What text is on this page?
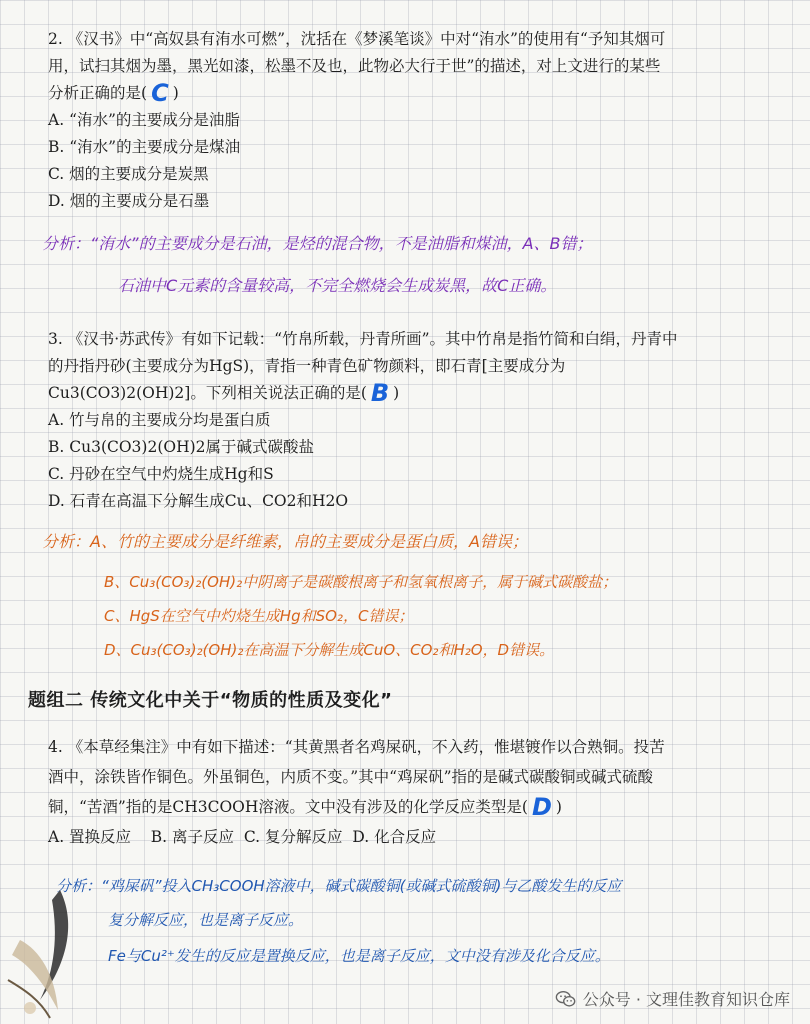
2. 《汉书》中“高奴县有洧水可燃”，沈括在《梦溪笔谈》中对“洧水”的使用有“予知其烟可
用，试扫其烟为墨，黑光如漆，松墨不及也，此物必大行于世”的描述，对上文进行的某些
分析正确的是( C )
A. “洧水”的主要成分是油脂
B. “洧水”的主要成分是煤油
C. 烟的主要成分是炭黑
D. 烟的主要成分是石墨
分析：“洧水”的主要成分是石油，是烃的混合物，不是油脂和煤油，A、B错；
石油中C元素的含量较高，不完全燃烧会生成炭黑，故C正确。
3. 《汉书·苏武传》有如下记载：“竹帛所载，丹青所画”。其中竹帛是指竹简和白绢，丹青中
的丹指丹砂(主要成分为HgS)，青指一种青色矿物颜料，即石青[主要成分为
Cu3(CO3)2(OH)2]。下列相关说法正确的是( B )
A. 竹与帛的主要成分均是蛋白质
B. Cu3(CO3)2(OH)2属于碱式碳酸盐
C. 丹砂在空气中灼烧生成Hg和S
D. 石青在高温下分解生成Cu、CO2和H2O
分析：A、竹的主要成分是纤维素，帛的主要成分是蛋白质，A错误；
B、Cu₃(CO₃)₂(OH)₂中阴离子是碳酸根离子和氢氧根离子，属于碱式碳酸盐；
C、HgS在空气中灼烧生成Hg和SO₂，C错误；
D、Cu₃(CO₃)₂(OH)₂在高温下分解生成CuO、CO₂和H₂O，D错误。
题组二 传统文化中关于“物质的性质及变化”
4. 《本草经集注》中有如下描述：“其黄黑者名鸡屎矾，不入药，惟堪镀作以合熟铜。投苦
酒中，涂铁皆作铜色。外虽铜色，内质不变。”其中“鸡屎矾”指的是碱式碳酸铜或碱式硫酸
铜，“苦酒”指的是CH3COOH溶液。文中没有涉及的化学反应类型是( D )
A. 置换反应    B. 离子反应  C. 复分解反应  D. 化合反应
分析：“鸡屎矾”投入CH₃COOH溶液中，碱式碳酸铜(或碱式硫酸铜)与乙酸发生的反应
复分解反应，也是离子反应。
Fe与Cu²⁺发生的反应是置换反应，也是离子反应，文中没有涉及化合反应。
公众号 · 文理佳教育知识仓库
